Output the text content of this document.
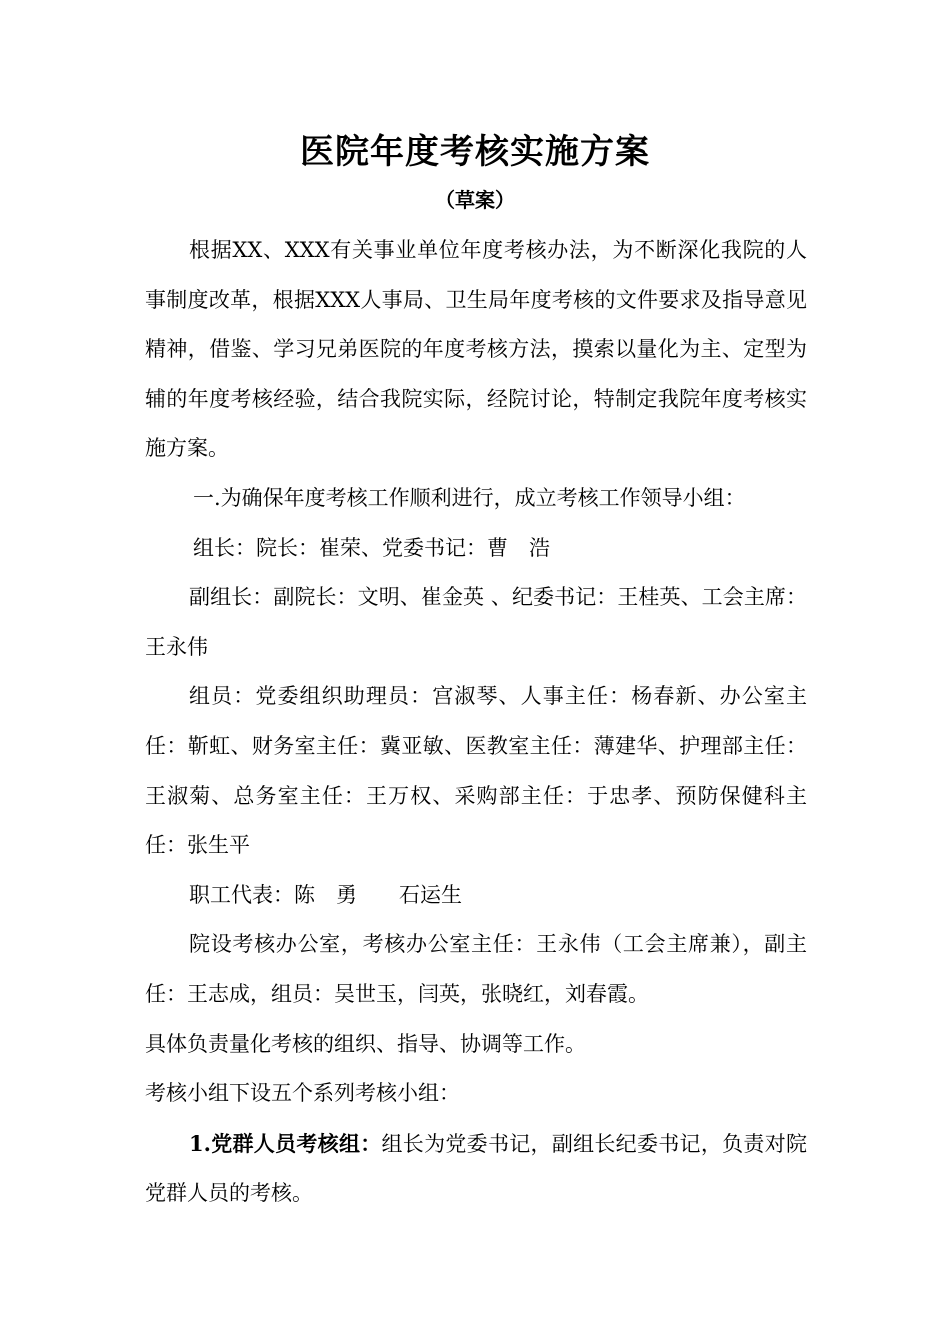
医院年度考核实施方案
（草案）

根据XX、XXX有关事业单位年度考核办法，为不断深化我院的人事制度改革，根据XXX人事局、卫生局年度考核的文件要求及指导意见精神，借鉴、学习兄弟医院的年度考核方法，摸索以量化为主、定型为辅的年度考核经验，结合我院实际，经院讨论，特制定我院年度考核实施方案。

一.为确保年度考核工作顺利进行，成立考核工作领导小组：

组长：院长：崔荣、党委书记：曹　浩

副组长：副院长：文明、崔金英 、纪委书记：王桂英、工会主席：王永伟

组员：党委组织助理员：宫淑琴、人事主任：杨春新、办公室主任：靳虹、财务室主任：冀亚敏、医教室主任：薄建华、护理部主任：王淑菊、总务室主任：王万权、采购部主任：于忠孝、预防保健科主任：张生平

职工代表：陈　勇　　石运生

院设考核办公室，考核办公室主任：王永伟（工会主席兼），副主任：王志成，组员：吴世玉，闫英，张晓红，刘春霞。

具体负责量化考核的组织、指导、协调等工作。

考核小组下设五个系列考核小组：

1.党群人员考核组：组长为党委书记，副组长纪委书记，负责对院党群人员的考核。
